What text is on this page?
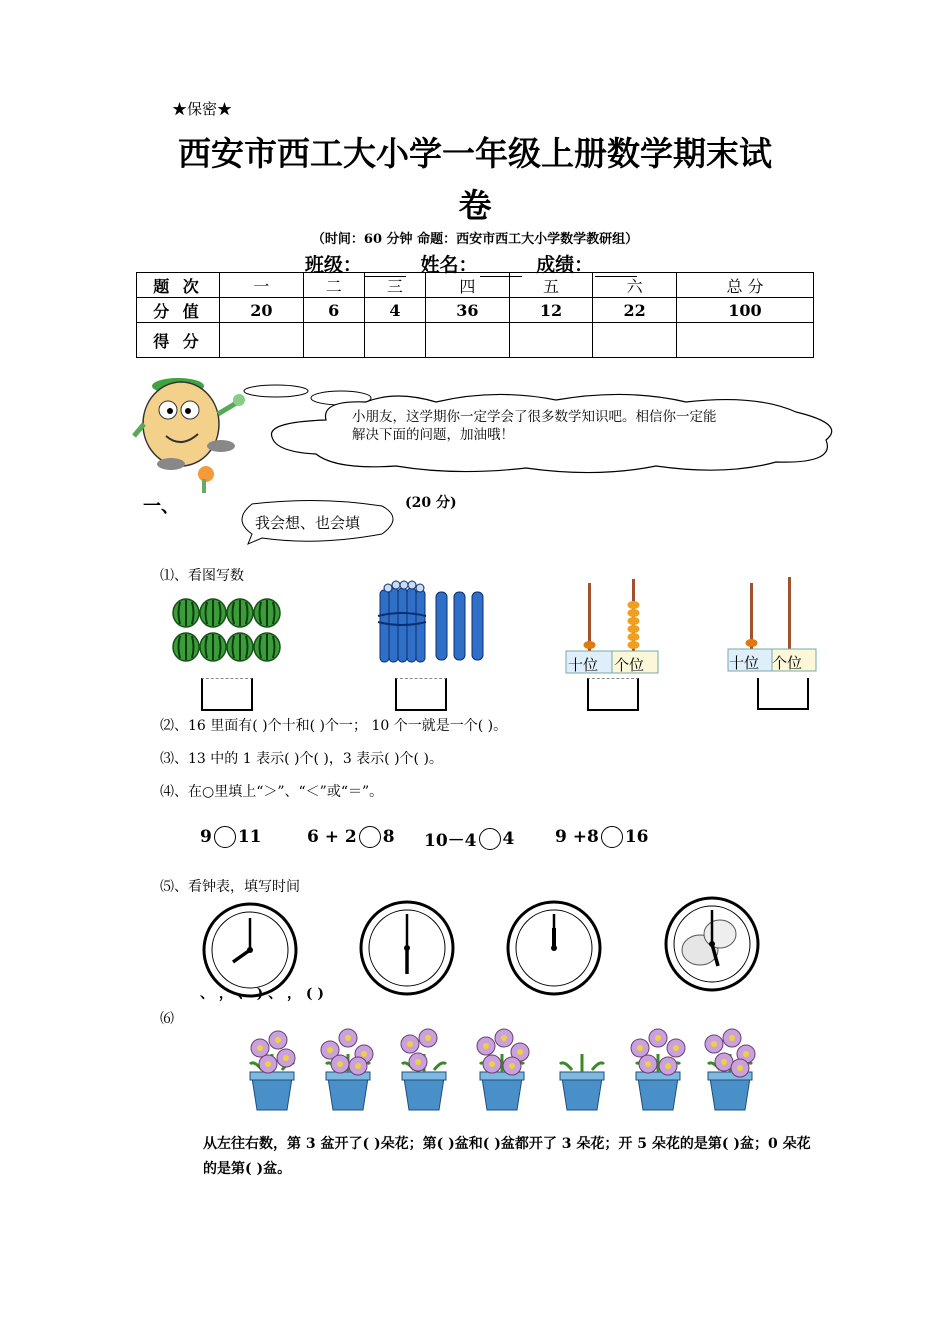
★保密★
西安市西工大小学一年级上册数学期末试
卷
（时间：60 分钟 命题：西安市西工大小学数学教研组）
班级：	姓名：	成绩：
题 次	一	二	三	四	五	六	总 分
分 值	20	6	4	36	12	22	100
得 分							
小朋友，这学期你一定学会了很多数学知识吧。相信你一定能解决下面的问题，加油哦！
一、	(20 分)
我会想、也会填
⑴、看图写数
十位 个位	十位 个位
⑵、16 里面有( )个十和( )个一； 10 个一就是一个( )。
⑶、13 中的 1 表示( )个( )，3 表示( )个( )。
⑷、在○里填上“＞”、“＜”或“＝”。
9 11	6 + 2 8 10－4 4 9 +8 16
⑸、看钟表，填写时间
、 ， 、 ) 、 ， ( )
⑹
从左往右数，第 3 盆开了( )朵花；第( )盆和( )盆都开了 3 朵花；开 5 朵花的是第( )盆；0 朵花的是第( )盆。
